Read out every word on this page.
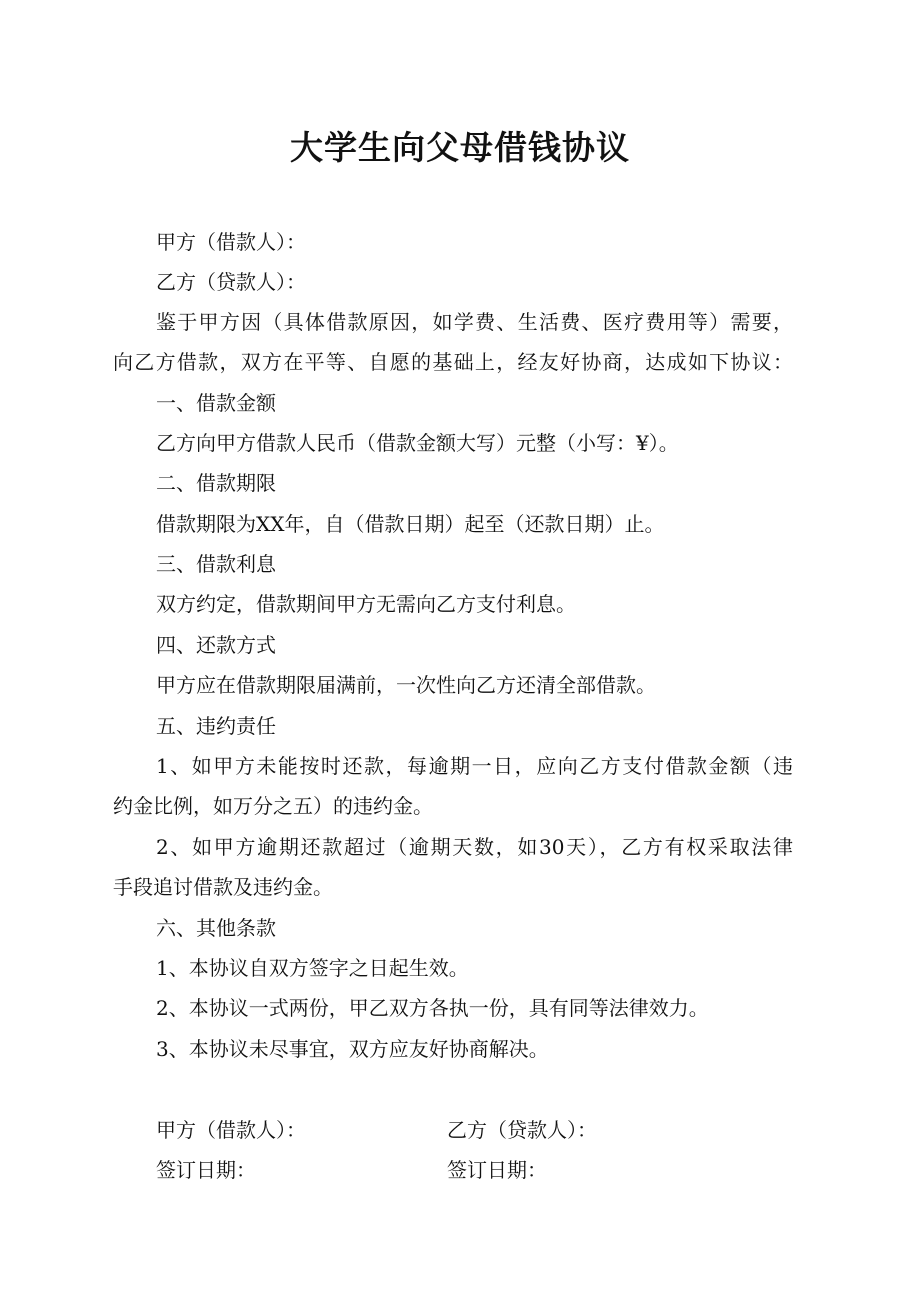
大学生向父母借钱协议

甲方（借款人）：

乙方（贷款人）：

鉴于甲方因（具体借款原因，如学费、生活费、医疗费用等）需要，

向乙方借款，双方在平等、自愿的基础上，经友好协商，达成如下协议：

一、借款金额

乙方向甲方借款人民币（借款金额大写）元整（小写：¥）。

二、借款期限

借款期限为XX年，自（借款日期）起至（还款日期）止。

三、借款利息

双方约定，借款期间甲方无需向乙方支付利息。

四、还款方式

甲方应在借款期限届满前，一次性向乙方还清全部借款。

五、违约责任

1、如甲方未能按时还款，每逾期一日，应向乙方支付借款金额（违

约金比例，如万分之五）的违约金。

2、如甲方逾期还款超过（逾期天数，如30天），乙方有权采取法律

手段追讨借款及违约金。

六、其他条款

1、本协议自双方签字之日起生效。

2、本协议一式两份，甲乙双方各执一份，具有同等法律效力。

3、本协议未尽事宜，双方应友好协商解决。

甲方（借款人）：	乙方（贷款人）：

签订日期：	签订日期：
